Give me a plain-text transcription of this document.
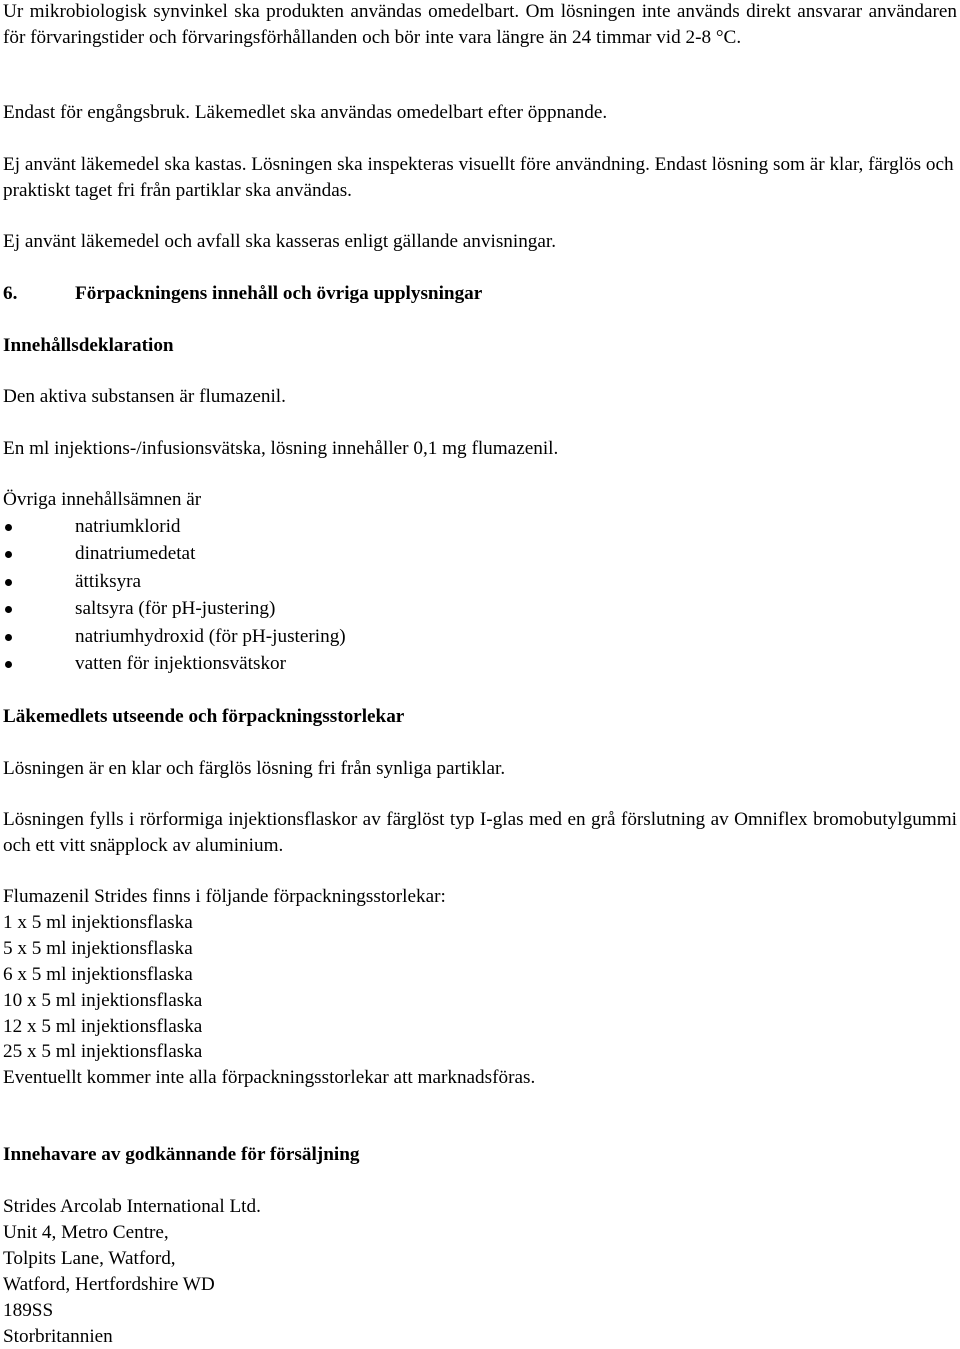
Ur mikrobiologisk synvinkel ska produkten användas omedelbart. Om lösningen inte används direkt ansvarar användaren för förvaringstider och förvaringsförhållanden och bör inte vara längre än 24 timmar vid 2-8 °C.

Endast för engångsbruk. Läkemedlet ska användas omedelbart efter öppnande.

Ej använt läkemedel ska kastas. Lösningen ska inspekteras visuellt före användning. Endast lösning som är klar, färglös och praktiskt taget fri från partiklar ska användas.

Ej använt läkemedel och avfall ska kasseras enligt gällande anvisningar.

6.	Förpackningens innehåll och övriga upplysningar
Innehållsdeklaration

Den aktiva substansen är flumazenil.

En ml injektions-/infusionsvätska, lösning innehåller 0,1 mg flumazenil.

Övriga innehållsämnen är

natriumklorid
dinatriumedetat
ättiksyra
saltsyra (för pH-justering)
natriumhydroxid (för pH-justering)
vatten för injektionsvätskor
Läkemedlets utseende och förpackningsstorlekar

Lösningen är en klar och färglös lösning fri från synliga partiklar.

Lösningen fylls i rörformiga injektionsflaskor av färglöst typ I-glas med en grå förslutning av Omniflex bromobutylgummi och ett vitt snäpplock av aluminium.

Flumazenil Strides finns i följande förpackningsstorlekar:
1 x 5 ml injektionsflaska
5 x 5 ml injektionsflaska
6 x 5 ml injektionsflaska
10 x 5 ml injektionsflaska
12 x 5 ml injektionsflaska
25 x 5 ml injektionsflaska
Eventuellt kommer inte alla förpackningsstorlekar att marknadsföras.
Innehavare av godkännande för försäljning
Strides Arcolab International Ltd.
Unit 4, Metro Centre,
Tolpits Lane, Watford,
Watford, Hertfordshire WD
189SS
Storbritannien
